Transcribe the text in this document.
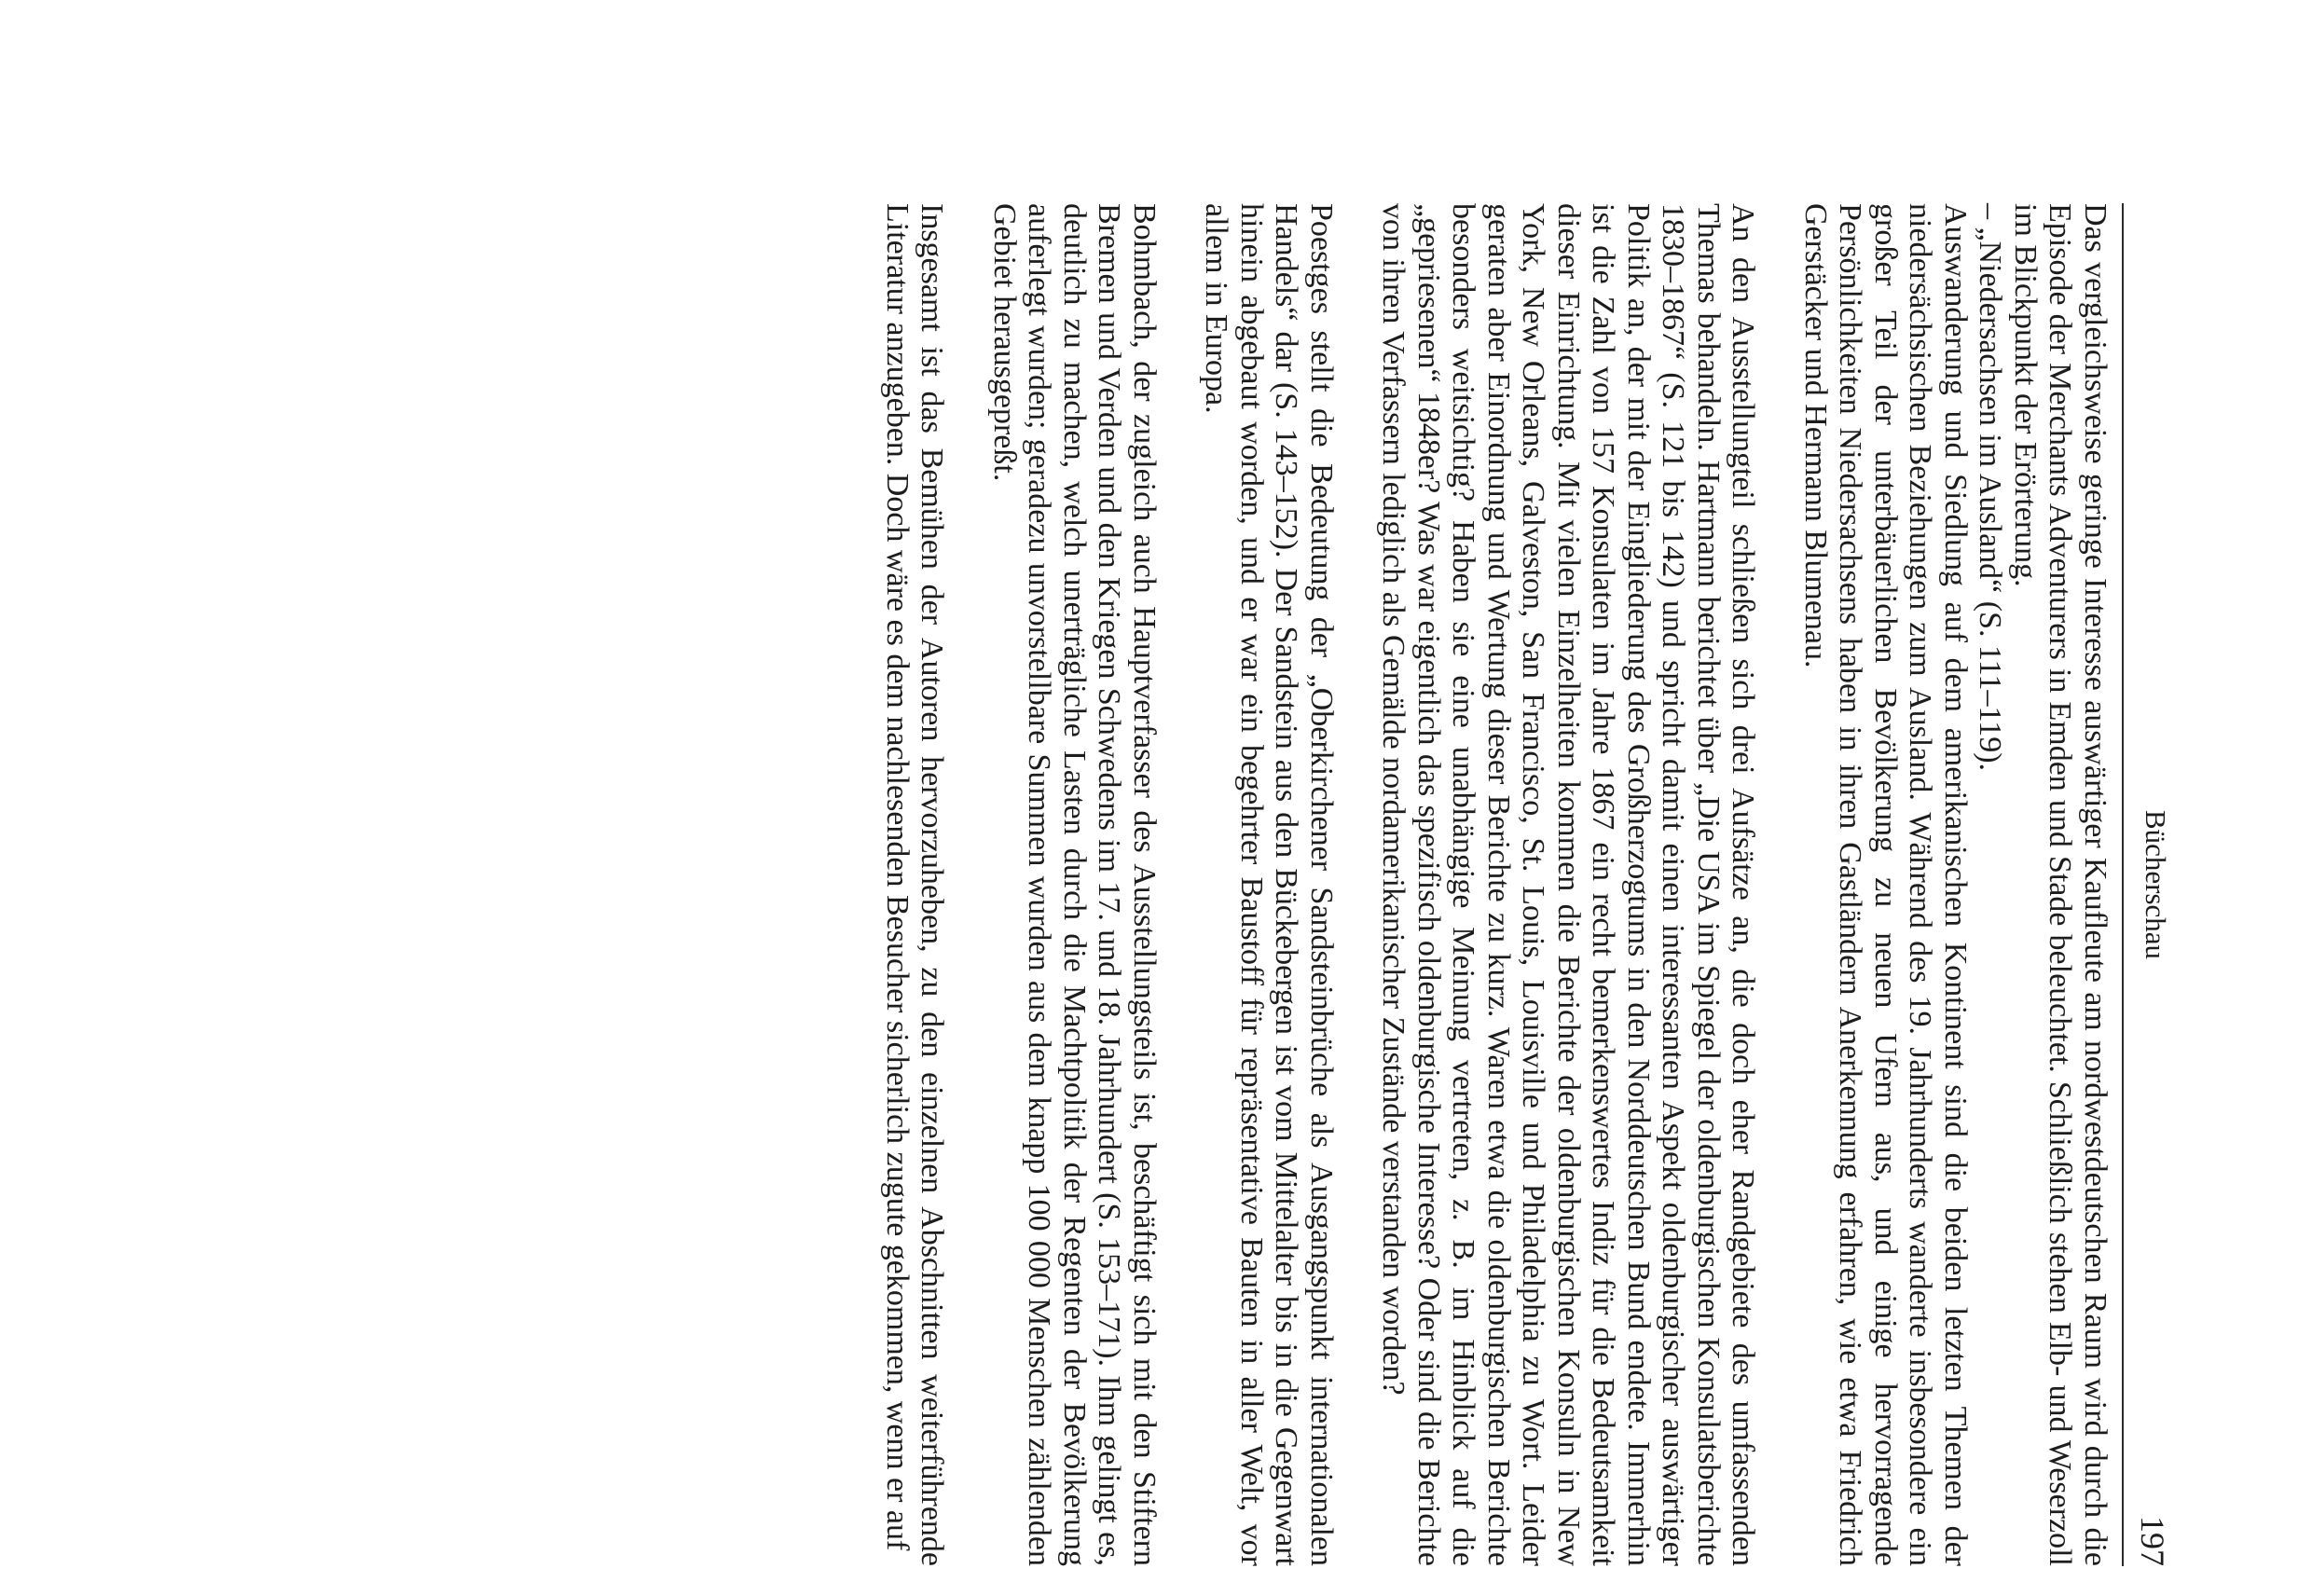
Bücherschau
197

Das vergleichsweise geringe Interesse auswärtiger Kaufleute am nordwestdeutschen Raum wird durch die Episode der Merchants Adventurers in Emden und Stade beleuchtet. Schließlich stehen Elb- und Weserzoll im Blickpunkt der Erörterung.

– „Niedersachsen im Ausland“ (S. 111–119).

Auswanderung und Siedlung auf dem amerikanischen Kontinent sind die beiden letzten Themen der niedersächsischen Beziehungen zum Ausland. Während des 19. Jahrhunderts wanderte insbesondere ein großer Teil der unterbäuerlichen Bevölkerung zu neuen Ufern aus, und einige hervorragende Persönlichkeiten Niedersachsens haben in ihren Gastländern Anerkennung erfahren, wie etwa Friedrich Gerstäcker und Hermann Blumenau.

An den Ausstellungteil schließen sich drei Aufsätze an, die doch eher Randgebiete des umfassenden Themas behandeln. Hartmann berichtet über „Die USA im Spiegel der oldenburgischen Konsulatsberichte 1830–1867“ (S. 121 bis 142) und spricht damit einen interessanten Aspekt oldenburgischer auswärtiger Politik an, der mit der Eingliederung des Großherzogtums in den Norddeutschen Bund endete. Immerhin ist die Zahl von 157 Konsulaten im Jahre 1867 ein recht bemerkenswertes Indiz für die Bedeutsamkeit dieser Einrichtung. Mit vielen Einzelheiten kommen die Berichte der oldenburgischen Konsuln in New York, New Orleans, Galveston, San Francisco, St. Louis, Louisville und Philadelphia zu Wort. Leider geraten aber Einordnung und Wertung dieser Berichte zu kurz. Waren etwa die oldenburgischen Berichte besonders weitsichtig? Haben sie eine unabhängige Meinung vertreten, z. B. im Hinblick auf die „gepriesenen“ 1848er? Was war eigentlich das spezifisch oldenburgische Interesse? Oder sind die Berichte von ihren Verfassern lediglich als Gemälde nordamerikanischer Zustände verstanden worden?

Poestges stellt die Bedeutung der „Oberkirchener Sandsteinbrüche als Ausgangspunkt internationalen Handels“ dar (S. 143–152). Der Sandstein aus den Bückebergen ist vom Mittelalter bis in die Gegenwart hinein abgebaut worden, und er war ein begehrter Baustoff für repräsentative Bauten in aller Welt, vor allem in Europa.

Bohmbach, der zugleich auch Hauptverfasser des Ausstellungsteils ist, beschäftigt sich mit den Stiftern Bremen und Verden und den Kriegen Schwedens im 17. und 18. Jahrhundert (S. 153–171). Ihm gelingt es, deutlich zu machen, welch unerträgliche Lasten durch die Machtpolitik der Regenten der Bevölkerung auferlegt wurden; geradezu unvorstellbare Summen wurden aus dem knapp 100 000 Menschen zählenden Gebiet herausgepreßt.

Insgesamt ist das Bemühen der Autoren hervorzuheben, zu den einzelnen Abschnitten weiterführende Literatur anzugeben. Doch wäre es dem nachlesenden Besucher sicherlich zugute gekommen, wenn er auf
